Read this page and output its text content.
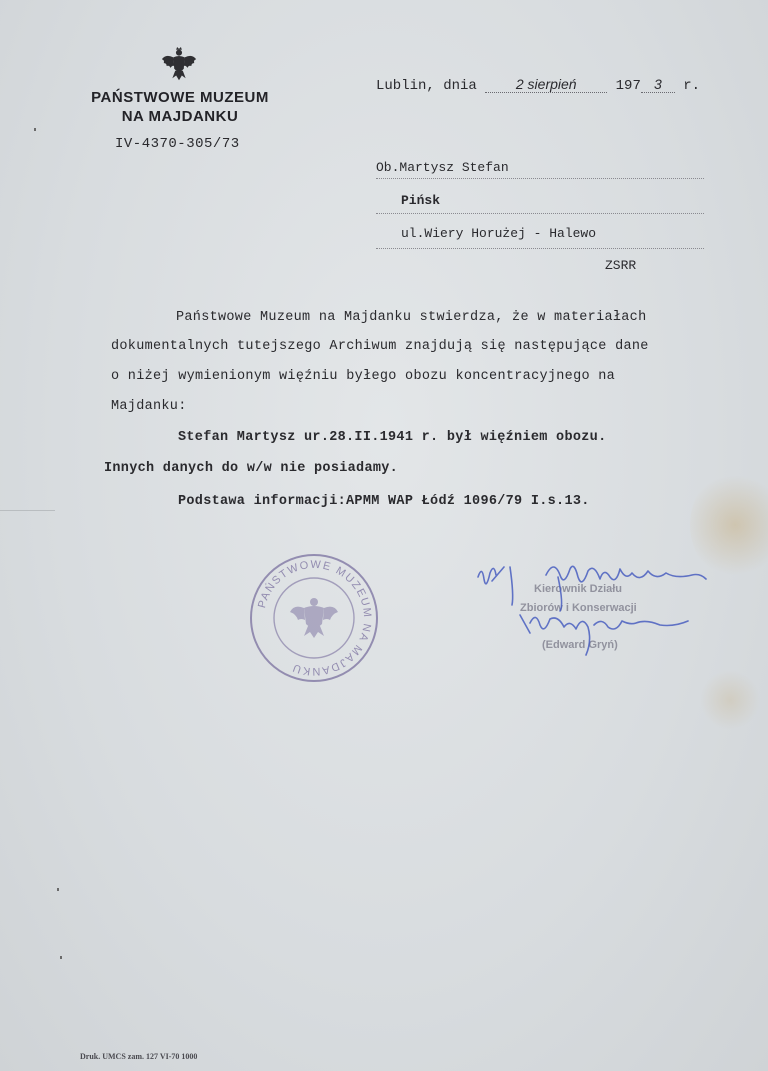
PAŃSTWOWE MUZEUM
NA MAJDANKU
IV-4370-305/73
Lublin, dnia	2 sierpień	197 3 r.
Ob.Martysz Stefan
Pińsk
ul.Wiery Horużej - Halewo
ZSRR
Państwowe Muzeum na Majdanku stwierdza, że w materiałach
dokumentalnych tutejszego Archiwum znajdują się następujące dane
o niżej wymienionym więźniu byłego obozu koncentracyjnego na
Majdanku:
Stefan Martysz ur.28.II.1941 r. był więźniem obozu.
Innych danych do w/w nie posiadamy.
Podstawa informacji:APMM WAP Łódź 1096/79 I.s.13.
PAŃSTWOWE MUZEUM NA MAJDANKU
Kierownik Działu
Zbiorów i Konserwacji
(Edward Gryń)
Druk. UMCS zam. 127 VI-70 1000
